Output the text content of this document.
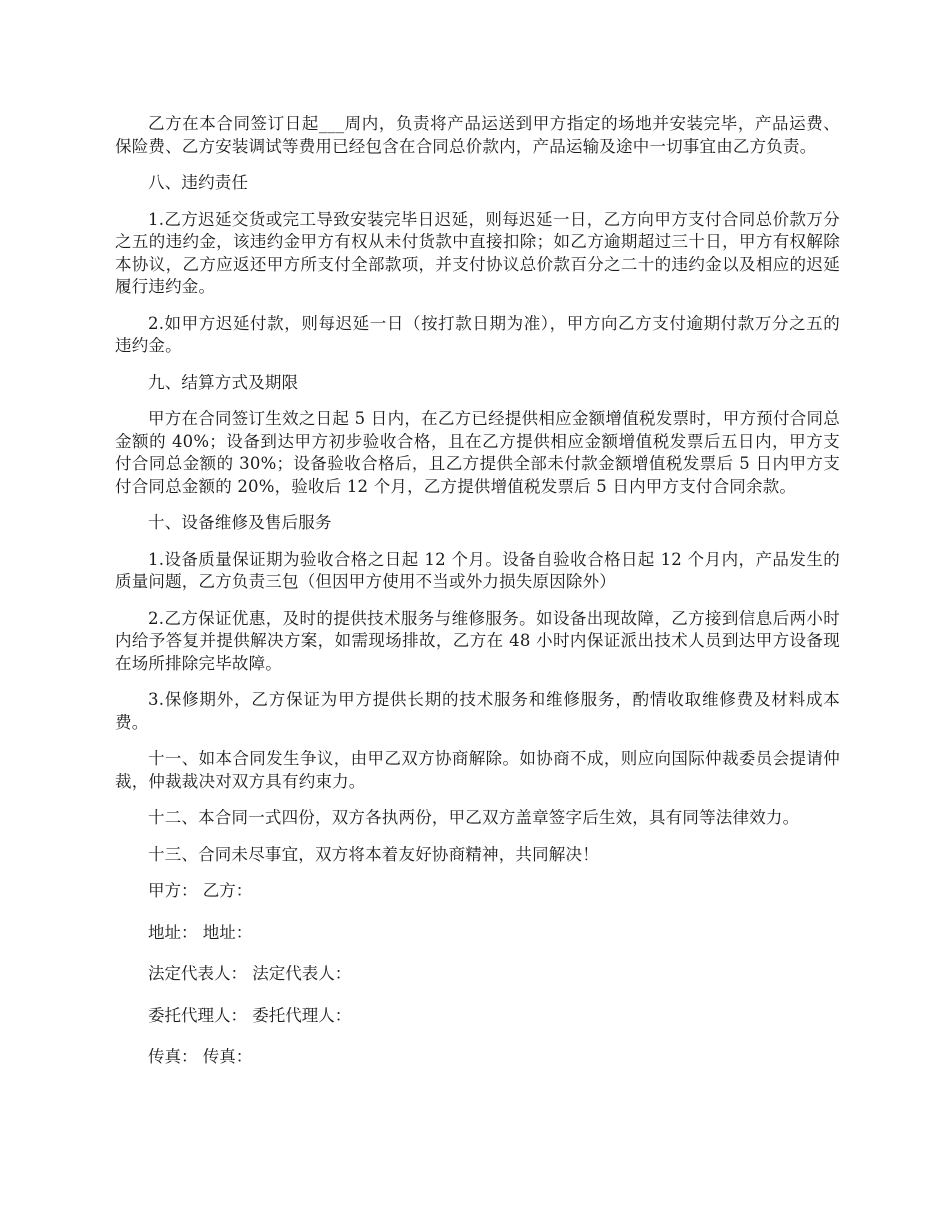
乙方在本合同签订日起___周内，负责将产品运送到甲方指定的场地并安装完毕，产品运费、保险费、乙方安装调试等费用已经包含在合同总价款内，产品运输及途中一切事宜由乙方负责。

八、违约责任

1.乙方迟延交货或完工导致安装完毕日迟延，则每迟延一日，乙方向甲方支付合同总价款万分之五的违约金，该违约金甲方有权从未付货款中直接扣除；如乙方逾期超过三十日，甲方有权解除本协议，乙方应返还甲方所支付全部款项，并支付协议总价款百分之二十的违约金以及相应的迟延履行违约金。

2.如甲方迟延付款，则每迟延一日（按打款日期为准），甲方向乙方支付逾期付款万分之五的违约金。

九、结算方式及期限

甲方在合同签订生效之日起 5 日内，在乙方已经提供相应金额增值税发票时，甲方预付合同总金额的 40%；设备到达甲方初步验收合格，且在乙方提供相应金额增值税发票后五日内，甲方支付合同总金额的 30%；设备验收合格后，且乙方提供全部未付款金额增值税发票后 5 日内甲方支付合同总金额的 20%，验收后 12 个月，乙方提供增值税发票后 5 日内甲方支付合同余款。

十、设备维修及售后服务

1.设备质量保证期为验收合格之日起 12 个月。设备自验收合格日起 12 个月内，产品发生的质量问题，乙方负责三包（但因甲方使用不当或外力损失原因除外）

2.乙方保证优惠，及时的提供技术服务与维修服务。如设备出现故障，乙方接到信息后两小时内给予答复并提供解决方案，如需现场排故，乙方在 48 小时内保证派出技术人员到达甲方设备现在场所排除完毕故障。

3.保修期外，乙方保证为甲方提供长期的技术服务和维修服务，酌情收取维修费及材料成本费。

十一、如本合同发生争议，由甲乙双方协商解除。如协商不成，则应向国际仲裁委员会提请仲裁，仲裁裁决对双方具有约束力。

十二、本合同一式四份，双方各执两份，甲乙双方盖章签字后生效，具有同等法律效力。

十三、合同未尽事宜，双方将本着友好协商精神，共同解决！

甲方： 乙方：

地址： 地址：

法定代表人： 法定代表人：

委托代理人： 委托代理人：

传真： 传真：
